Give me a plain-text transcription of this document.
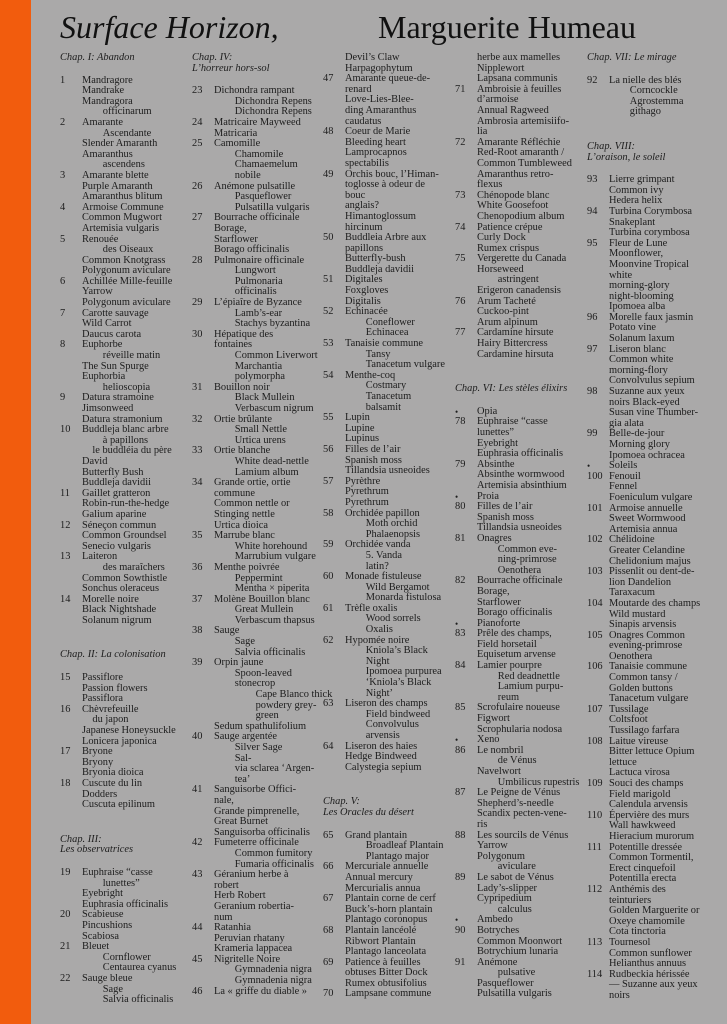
Surface Horizon,	Marguerite Humeau
Chap. I: Abandon
1	Mandragore
Mandrake
Mandragora
  officinarum
2	Amarante
  Ascendante
Slender Amaranth
Amaranthus
  ascendens
3	Amarante blette
Purple Amaranth
Amaranthus blitum
4	Armoise Commune
Common Mugwort
Artemisia vulgaris
5	Renouée
  des Oiseaux
Common Knotgrass
Polygonum aviculare
6	Achillée Mille-feuille
Yarrow
Polygonum aviculare
7	Carotte sauvage
Wild Carrot
Daucus carota
8	Euphorbe
  réveille matin
The Sun Spurge
Euphorbia
  helioscopia
9	Datura stramoine
Jimsonweed
Datura stramonium
10	Buddleja blanc arbre
  à papillons
 le buddléia du père
David
Butterfly Bush
Buddleja davidii
11	Gaillet gratteron
Robin-run-the-hedge
Galium aparine
12	Séneçon commun
Common Groundsel
Senecio vulgaris
13	Laiteron
  des maraîchers
Common Sowthistle
Sonchus oleraceus
14	Morelle noire
Black Nightshade
Solanum nigrum
Chap. II: La colonisation
15	Passiflore
Passion flowers
Passiflora
16	Chèvrefeuille
 du japon
Japanese Honeysuckle
Lonicera japonica
17	Bryone
Bryony
Bryonia dioica
18	Cuscute du lin
Dodders
Cuscuta epilinum
Chap. III:
Les observatrices
19	Euphraise “casse
  lunettes”
Eyebright
Euphrasia officinalis
20	Scabieuse
Pincushions
Scabiosa
21	Bleuet
  Cornflower
  Centaurea cyanus
22	Sauge bleue
  Sage
  Salvia officinalis
Chap. IV:
L’horreur hors-sol
23	Dichondra rampant
  Dichondra Repens
  Dichondra Repens
24	Matricaire Mayweed
Matricaria
25	Camomille
  Chamomile
  Chamaemelum
  nobile
26	Anémone pulsatille
  Pasqueflower
  Pulsatilla vulgaris
27	Bourrache officinale
Borage,
Starflower
Borago officinalis
28	Pulmonaire officinale
  Lungwort
  Pulmonaria
  officinalis
29	L’épiaîre de Byzance
  Lamb’s-ear
  Stachys byzantina
30	Hépatique des
fontaines
  Common Liverwort
  Marchantia
  polymorpha
31	Bouillon noir
  Black Mullein
  Verbascum nigrum
32	Ortie brûlante
  Small Nettle
  Urtica urens
33	Ortie blanche
  White dead-nettle
  Lamium album
34	Grande ortie, ortie
commune
Common nettle or
Stinging nettle
Urtica dioica
35	Marrube blanc
  White horehound
  Marrubium vulgare
36	Menthe poivrée
  Peppermint
  Mentha × piperita
37	Molène Bouillon blanc
  Great Mullein
  Verbascum thapsus
38	Sauge
  Sage
  Salvia officinalis
39	Orpin jaune
  Spoon-leaved
  stonecrop
    Cape Blanco thick
    powdery grey-
    green
Sedum spathulifolium
40	Sauge argentée
  Silver Sage
  Sal-
  via sclarea ‘Argen-
  tea’
41	Sanguisorbe Offici-
nale,
Grande pimprenelle,
Great Burnet
Sanguisorba officinalis
42	Fumeterre officinale
  Common fumitory
  Fumaria officinalis
43	Géranium herbe à
robert
Herb Robert
Geranium robertia-
num
44	Ratanhia
Peruvian rhatany
Krameria lappacea
45	Nigritelle Noire
  Gymnadenia nigra
  Gymnadenia nigra
46	La « griffe du diable »
Devil’s Claw
Harpagophytum
47	Amarante queue-de-
renard
Love-Lies-Blee-
ding Amaranthus
caudatus
48	Coeur de Marie
Bleeding heart
Lamprocapnos
spectabilis
49	Orchis bouc, l’Himan-
toglosse à odeur de
bouc
anglais?
Himantoglossum
hircinum
50	Buddleia Arbre aux
papillons
Butterfly-bush
Buddleja davidii
51	Digitales
Foxgloves
Digitalis
52	Echinacée
  Coneflower
  Echinacea
53	Tanaisie commune
  Tansy
  Tanacetum vulgare
54	Menthe-coq
  Costmary
  Tanacetum
  balsamit
55	Lupin
Lupine
Lupinus
56	Filles de l’air
Spanish moss
Tillandsia usneoides
57	Pyrèthre
Pyrethrum
Pyrethrum
58	Orchidée papillon
  Moth orchid
  Phalaenopsis
59	Orchidée vanda
  5. Vanda
  latin?
60	Monade fistuleuse
  Wild Bergamot
  Monarda fistulosa
61	Trèfle oxalis
  Wood sorrels
  Oxalis
62	Hypomée noire
  Kniola’s Black
  Night
  Ipomoea purpurea
  ‘Kniola’s Black
  Night’
63	Liseron des champs
  Field bindweed
  Convolvulus
  arvensis
64	Liseron des haies
Hedge Bindweed
Calystegia sepium
Chap. V:
Les Oracles du désert
65	Grand plantain
  Broadleaf Plantain
  Plantago major
66	Mercuriale annuelle
Annual mercury
Mercurialis annua
67	Plantain corne de cerf
Buck’s-horn plantain
Plantago coronopus
68	Plantain lancéolé
Ribwort Plantain
Plantago lanceolata
69	Patience à feuilles
obtuses Bitter Dock
Rumex obtusifolius
70	Lampsane commune
herbe aux mamelles
Nipplewort
Lapsana communis
71	Ambroisie à feuilles
d’armoise
Annual Ragweed
Ambrosia artemisiifo-
lia
72	Amarante Réfléchie
Red-Root amaranth /
Common Tumbleweed
Amaranthus retro-
flexus
73	Chénopode blanc
White Goosefoot
Chenopodium album
74	Patience crépue
Curly Dock
Rumex crispus
75	Vergerette du Canada
Horseweed
  astringent
Erigeron canadensis
76	Arum Tacheté
Cuckoo-pint
Arum alpinum
77	Cardamine hirsute
Hairy Bittercress
Cardamine hirsuta
Chap. VI: Les stèles élixirs
•	Opia
78	Euphraise “casse
lunettes”
Eyebright
Euphrasia officinalis
79	Absinthe
Absinthe wormwood
Artemisia absinthium
•	Proia
80	Filles de l’air
Spanish moss
Tillandsia usneoides
81	Onagres
  Common eve-
  ning-primrose
  Oenothera
82	Bourrache officinale
Borage,
Starflower
Borago officinalis
•	Pianoforte
83	Prêle des champs,
Field horsetail
Equisetum arvense
84	Lamier pourpre
  Red deadnettle
  Lamium purpu-
  reum
85	Scrofulaire noueuse
Figwort
Scrophularia nodosa
•	Xeno
86	Le nombril
  de Vénus
Navelwort
  Umbilicus rupestris
87	Le Peigne de Vénus
Shepherd’s-needle
Scandix pecten-vene-
ris
88	Les sourcils de Vénus
Yarrow
Polygonum
  aviculare
89	Le sabot de Vénus
Lady’s-slipper
Cypripedium
  calculus
•	Ambedo
90	Botryches
Common Moonwort
Botrychium lunaria
91	Anémone
  pulsative
Pasqueflower
Pulsatilla vulgaris
Chap. VII: Le mirage
92	La nielle des blés
  Corncockle
  Agrostemma
  githago
Chap. VIII:
L’oraison, le soleil
93	Lierre grimpant
Common ivy
Hedera helix
94	Turbina Corymbosa
Snakeplant
Turbina corymbosa
95	Fleur de Lune
Moonflower,
Moonvine Tropical
white
morning-glory
night-blooming
Ipomoea alba
96	Morelle faux jasmin
Potato vine
Solanum laxum
97	Liseron blanc
Common white
morning-flory
Convolvulus sepium
98	Suzanne aux yeux
noirs Black-eyed
Susan vine Thumber-
gia alata
99	Belle-de-jour
Morning glory
Ipomoea ochracea
•	Soleils
100 Fenouil
Fennel
Foeniculum vulgare
101 Armoise annuelle
Sweet Wormwood
Artemisia annua
102 Chélidoine
Greater Celandine
Chelidonium majus
103 Pissenlit ou dent-de-
lion Dandelion
Taraxacum
104 Moutarde des champs
Wild mustard
Sinapis arvensis
105 Onagres Common
evening-primrose
Oenothera
106 Tanaisie commune
Common tansy /
Golden buttons
Tanacetum vulgare
107 Tussilage
Coltsfoot
Tussilago farfara
108 Laitue vireuse
Bitter lettuce Opium
lettuce
Lactuca virosa
109 Souci des champs
Field marigold
Calendula arvensis
110 Épervière des murs
Wall hawkweed
Hieracium murorum
111 Potentille dressée
Common Tormentil,
Erect cinquefoil
Potentilla erecta
112 Anthémis des
teinturiers
Golden Marguerite or
Oxeye chamomile
Cota tinctoria
113 Tournesol
Common sunflower
Helianthus annuus
114 Rudbeckia hérissée
— Suzanne aux yeux
noirs
